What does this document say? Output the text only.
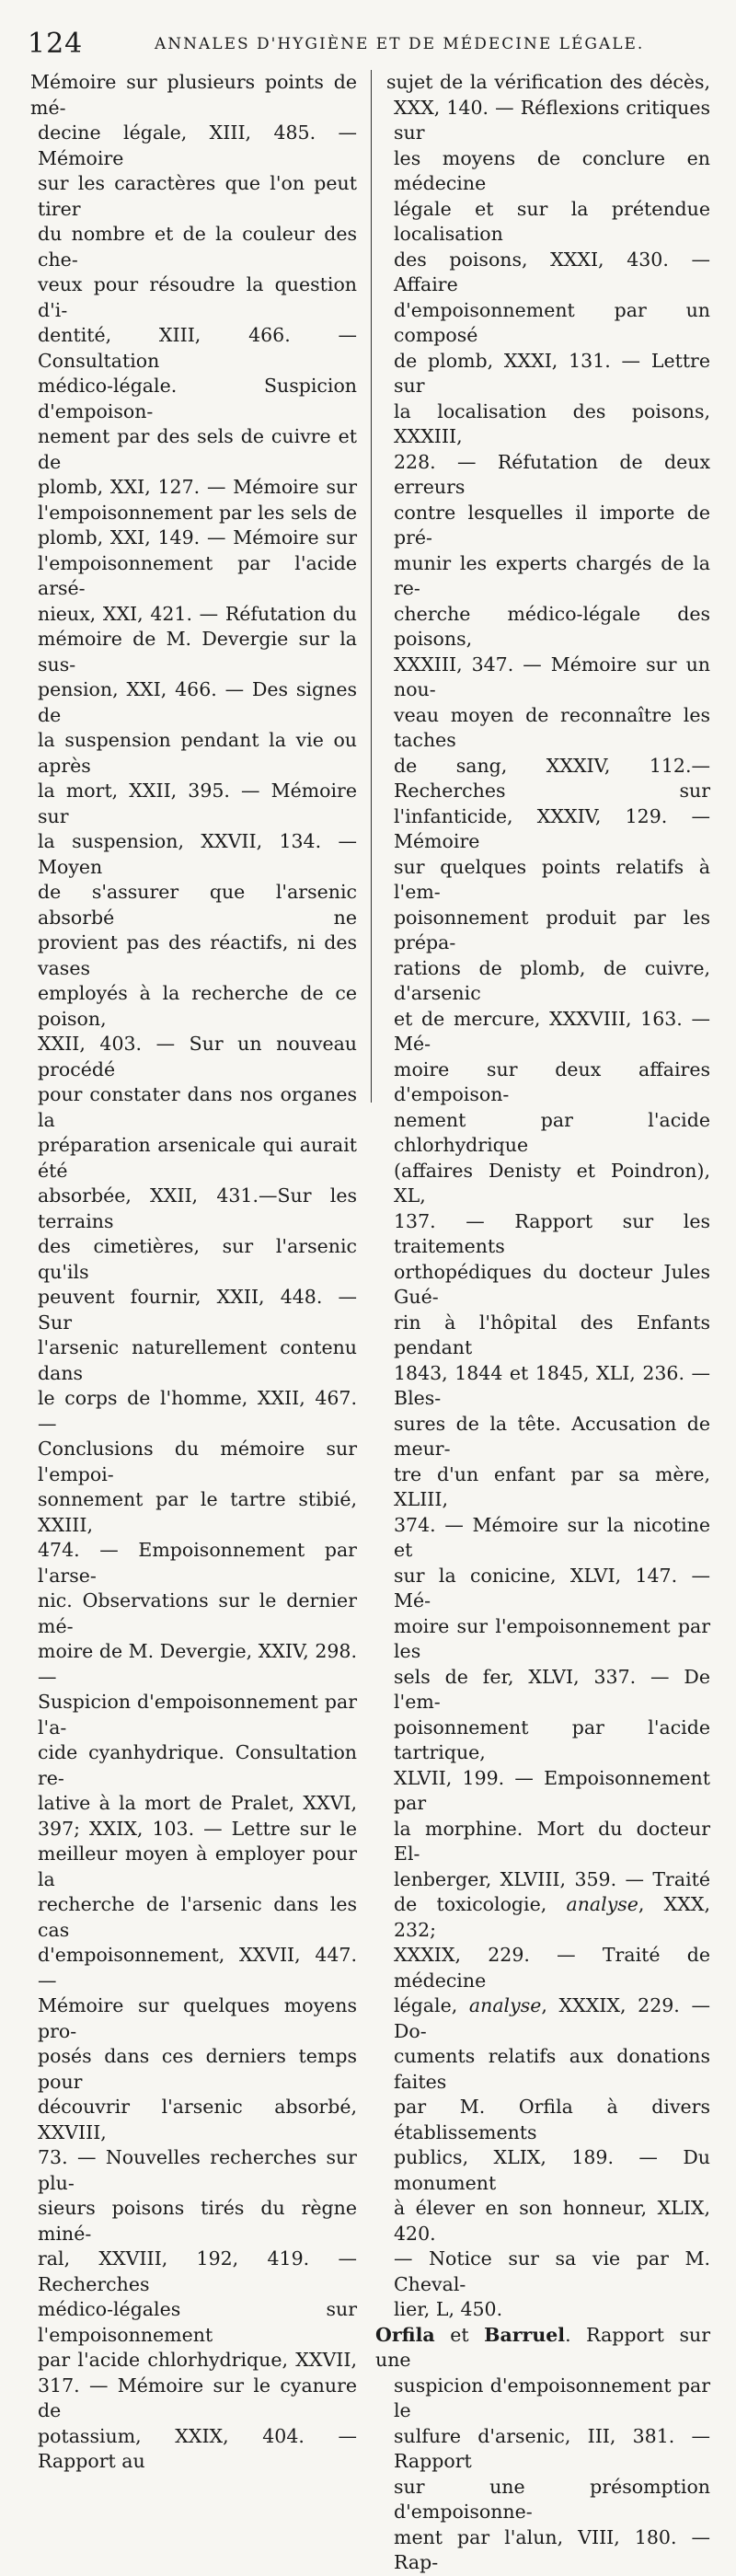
124	ANNALES D'HYGIÈNE ET DE MÉDECINE LÉGALE.

Mémoire sur plusieurs points de mé-

decine légale, XIII, 485. — Mémoire

sur les caractères que l'on peut tirer

du nombre et de la couleur des che-

veux pour résoudre la question d'i-

dentité, XIII, 466. — Consultation

médico-légale. Suspicion d'empoison-

nement par des sels de cuivre et de

plomb, XXI, 127. — Mémoire sur

l'empoisonnement par les sels de

plomb, XXI, 149. — Mémoire sur

l'empoisonnement par l'acide arsé-

nieux, XXI, 421. — Réfutation du

mémoire de M. Devergie sur la sus-

pension, XXI, 466. — Des signes de

la suspension pendant la vie ou après

la mort, XXII, 395. — Mémoire sur

la suspension, XXVII, 134. — Moyen

de s'assurer que l'arsenic absorbé ne

provient pas des réactifs, ni des vases

employés à la recherche de ce poison,

XXII, 403. — Sur un nouveau procédé

pour constater dans nos organes la

préparation arsenicale qui aurait été

absorbée, XXII, 431.—Sur les terrains

des cimetières, sur l'arsenic qu'ils

peuvent fournir, XXII, 448. — Sur

l'arsenic naturellement contenu dans

le corps de l'homme, XXII, 467. —

Conclusions du mémoire sur l'empoi-

sonnement par le tartre stibié, XXIII,

474. — Empoisonnement par l'arse-

nic. Observations sur le dernier mé-

moire de M. Devergie, XXIV, 298. —

Suspicion d'empoisonnement par l'a-

cide cyanhydrique. Consultation re-

lative à la mort de Pralet, XXVI,

397; XXIX, 103. — Lettre sur le

meilleur moyen à employer pour la

recherche de l'arsenic dans les cas

d'empoisonnement, XXVII, 447. —

Mémoire sur quelques moyens pro-

posés dans ces derniers temps pour

découvrir l'arsenic absorbé, XXVIII,

73. — Nouvelles recherches sur plu-

sieurs poisons tirés du règne miné-

ral, XXVIII, 192, 419. — Recherches

médico-légales sur l'empoisonnement

par l'acide chlorhydrique, XXVII,

317. — Mémoire sur le cyanure de

potassium, XXIX, 404. — Rapport au

sujet de la vérification des décès,

XXX, 140. — Réflexions critiques sur

les moyens de conclure en médecine

légale et sur la prétendue localisation

des poisons, XXXI, 430. — Affaire

d'empoisonnement par un composé

de plomb, XXXI, 131. — Lettre sur

la localisation des poisons, XXXIII,

228. — Réfutation de deux erreurs

contre lesquelles il importe de pré-

munir les experts chargés de la re-

cherche médico-légale des poisons,

XXXIII, 347. — Mémoire sur un nou-

veau moyen de reconnaître les taches

de sang, XXXIV, 112.—Recherches sur

l'infanticide, XXXIV, 129. — Mémoire

sur quelques points relatifs à l'em-

poisonnement produit par les prépa-

rations de plomb, de cuivre, d'arsenic

et de mercure, XXXVIII, 163. — Mé-

moire sur deux affaires d'empoison-

nement par l'acide chlorhydrique

(affaires Denisty et Poindron), XL,

137. — Rapport sur les traitements

orthopédiques du docteur Jules Gué-

rin à l'hôpital des Enfants pendant

1843, 1844 et 1845, XLI, 236. — Bles-

sures de la tête. Accusation de meur-

tre d'un enfant par sa mère, XLIII,

374. — Mémoire sur la nicotine et

sur la conicine, XLVI, 147. — Mé-

moire sur l'empoisonnement par les

sels de fer, XLVI, 337. — De l'em-

poisonnement par l'acide tartrique,

XLVII, 199. — Empoisonnement par

la morphine. Mort du docteur El-

lenberger, XLVIII, 359. — Traité

de toxicologie, analyse, XXX, 232;

XXXIX, 229. — Traité de médecine

légale, analyse, XXXIX, 229. — Do-

cuments relatifs aux donations faites

par M. Orfila à divers établissements

publics, XLIX, 189. — Du monument

à élever en son honneur, XLIX, 420.

— Notice sur sa vie par M. Cheval-

lier, L, 450.

Orfila et Barruel. Rapport sur une

suspicion d'empoisonnement par le

sulfure d'arsenic, III, 381. — Rapport

sur une présomption d'empoisonne-

ment par l'alun, VIII, 180. — Rap-
